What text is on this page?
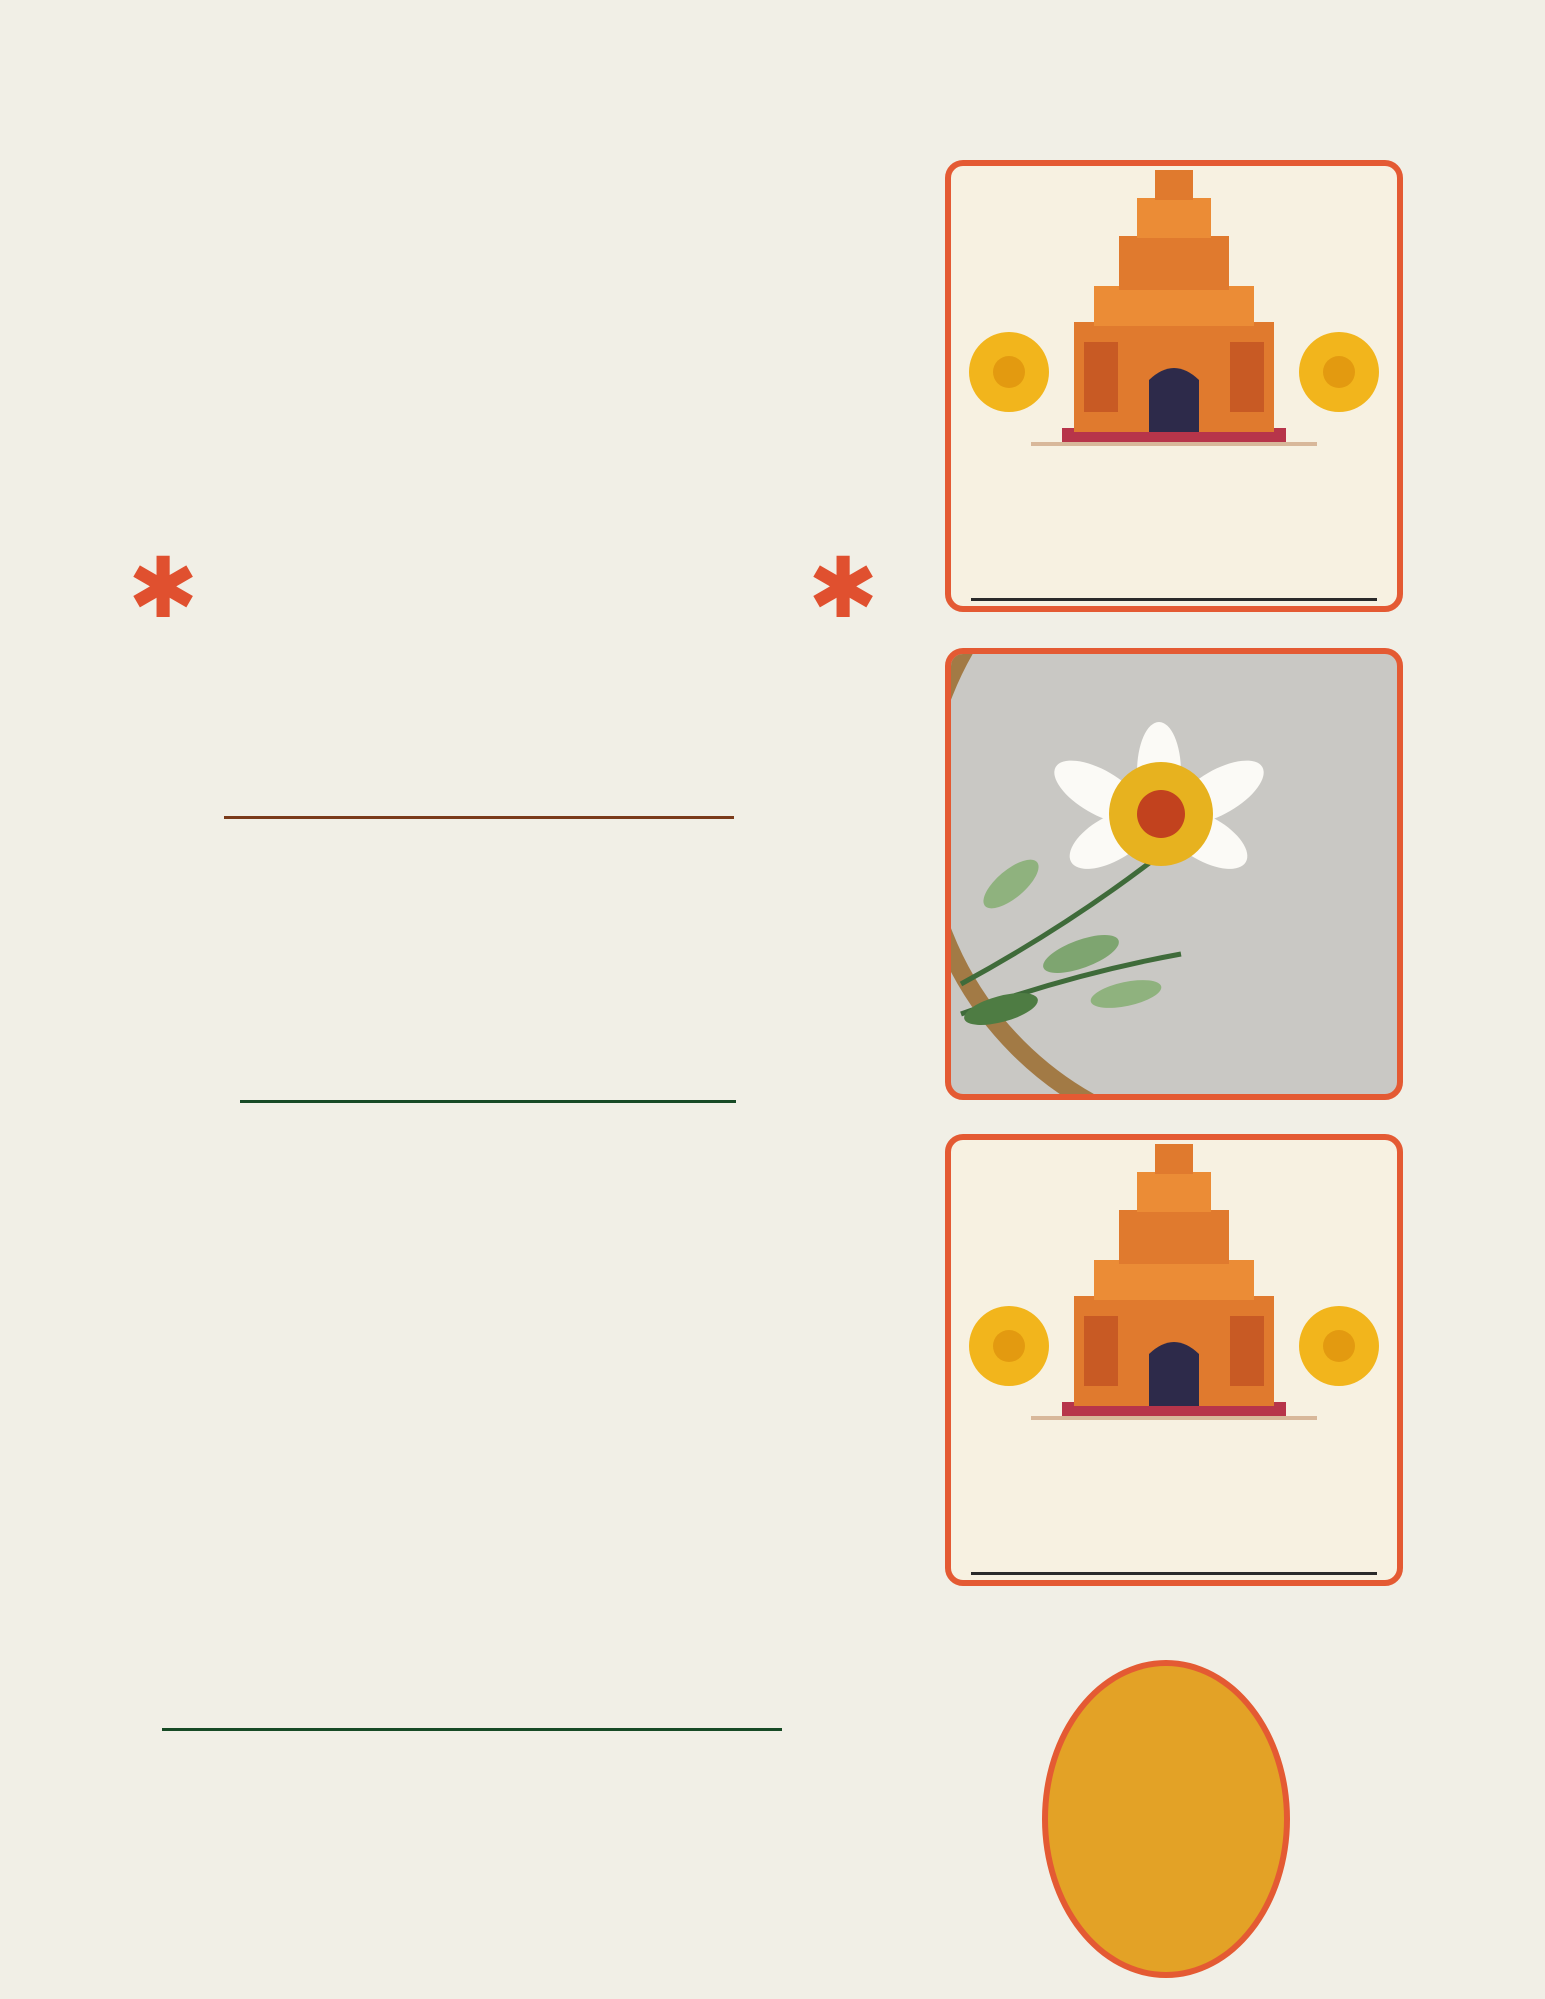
✱	✱
